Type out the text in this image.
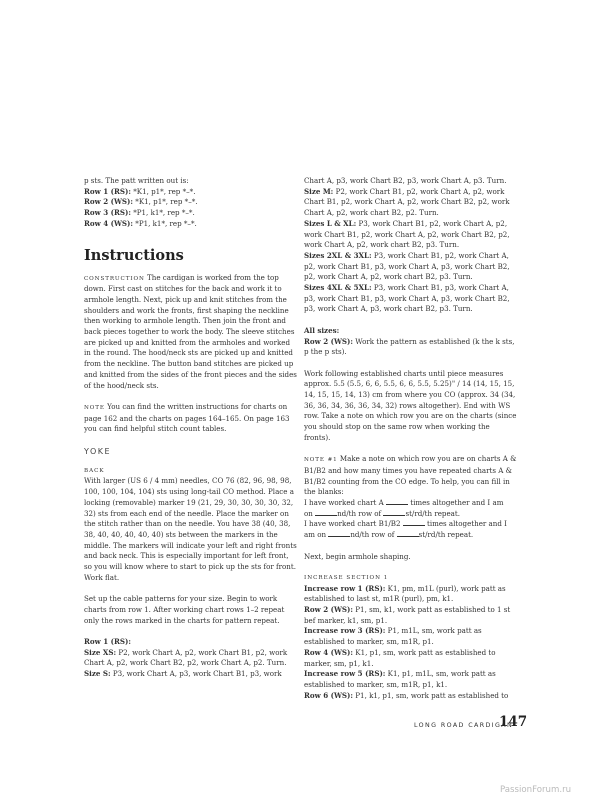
p sts. The patt written out is:

Row 1 (RS): *K1, p1*, rep *–*.

Row 2 (WS): *K1, p1*, rep *–*.

Row 3 (RS): *P1, k1*, rep *–*.

Row 4 (WS): *P1, k1*, rep *–*.

Instructions

CONSTRUCTION The cardigan is worked from the top down. First cast on stitches for the back and work it to armhole length. Next, pick up and knit stitches from the shoulders and work the fronts, first shaping the neckline then working to armhole length. Then join the front and back pieces together to work the body. The sleeve stitches are picked up and knitted from the armholes and worked in the round. The hood/neck sts are picked up and knitted from the neckline. The button band stitches are picked up and knitted from the sides of the front pieces and the sides of the hood/neck sts.

NOTE You can find the written instructions for charts on page 162 and the charts on pages 164–165. On page 163 you can find helpful stitch count tables.

YOKE

BACK

With larger (US 6 / 4 mm) needles, CO 76 (82, 96, 98, 98, 100, 100, 104, 104) sts using long-tail CO method. Place a locking (removable) marker 19 (21, 29, 30, 30, 30, 30, 32, 32) sts from each end of the needle. Place the marker on the stitch rather than on the needle. You have 38 (40, 38, 38, 40, 40, 40, 40, 40) sts between the markers in the middle. The markers will indicate your left and right fronts and back neck. This is especially important for left front, so you will know where to start to pick up the sts for front. Work flat.

Set up the cable patterns for your size. Begin to work charts from row 1. After working chart rows 1–2 repeat only the rows marked in the charts for pattern repeat.

Row 1 (RS):

Size XS: P2, work Chart A, p2, work Chart B1, p2, work Chart A, p2, work Chart B2, p2, work Chart A, p2. Turn.

Size S: P3, work Chart A, p3, work Chart B1, p3, work

Chart A, p3, work Chart B2, p3, work Chart A, p3. Turn.

Size M: P2, work Chart B1, p2, work Chart A, p2, work Chart B1, p2, work Chart A, p2, work Chart B2, p2, work Chart A, p2, work chart B2, p2. Turn.

Sizes L & XL: P3, work Chart B1, p2, work Chart A, p2, work Chart B1, p2, work Chart A, p2, work Chart B2, p2, work Chart A, p2, work chart B2, p3. Turn.

Sizes 2XL & 3XL: P3, work Chart B1, p2, work Chart A, p2, work Chart B1, p3, work Chart A, p3, work Chart B2, p2, work Chart A, p2, work chart B2, p3. Turn.

Sizes 4XL & 5XL: P3, work Chart B1, p3, work Chart A, p3, work Chart B1, p3, work Chart A, p3, work Chart B2, p3, work Chart A, p3, work chart B2, p3. Turn.

All sizes:

Row 2 (WS): Work the pattern as established (k the k sts, p the p sts).

Work following established charts until piece measures approx. 5.5 (5.5, 6, 6, 5.5, 6, 6, 5.5, 5.25)" / 14 (14, 15, 15, 14, 15, 15, 14, 13) cm from where you CO (approx. 34 (34, 36, 36, 34, 36, 36, 34, 32) rows altogether). End with WS row. Take a note on which row you are on the charts (since you should stop on the same row when working the fronts).

NOTE #1 Make a note on which row you are on charts A & B1/B2 and how many times you have repeated charts A & B1/B2 counting from the CO edge. To help, you can fill in the blanks:

I have worked chart A	times altogether and I am

on	nd/th row of	st/rd/th repeat.

I have worked chart B1/B2	times altogether and I

am on	nd/th row of	st/rd/th repeat.

Next, begin armhole shaping.

INCREASE SECTION 1

Increase row 1 (RS): K1, pm, m1L (purl), work patt as established to last st, m1R (purl), pm, k1.

Row 2 (WS): P1, sm, k1, work patt as established to 1 st bef marker, k1, sm, p1.

Increase row 3 (RS): P1, m1L, sm, work patt as established to marker, sm, m1R, p1.

Row 4 (WS): K1, p1, sm, work patt as established to marker, sm, p1, k1.

Increase row 5 (RS): K1, p1, m1L, sm, work patt as established to marker, sm, m1R, p1, k1.

Row 6 (WS): P1, k1, p1, sm, work patt as established to

LONG ROAD CARDIGAN
147
PassionForum.ru
